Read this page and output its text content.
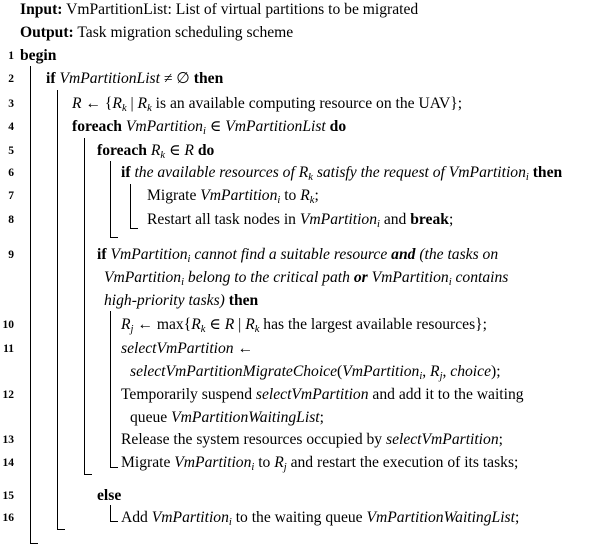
Input: VmPartitionList: List of virtual partitions to be migrated
Output: Task migration scheduling scheme
1
2
3
4
5
6
7
8
9
10
11
12
13
14
15
16
begin
if VmPartitionList ≠ ∅ then
R ← {$R_k$ | $R_k$ is an available computing resource on the UAV};
foreach VmPartition$_i$ ∈ VmPartitionList do
foreach $R_k$ ∈ R do
if the available resources of $R_k$ satisfy the request of VmPartition$_i$ then
Migrate VmPartition$_i$ to $R_k$;
Restart all task nodes in VmPartition$_i$ and break;
if VmPartition$_i$ cannot find a suitable resource and (the tasks on
VmPartition$_i$ belong to the critical path or VmPartition$_i$ contains
high-priority tasks) then
$R_j$ ← $\max\{R_k$ ∈ R | $R_k$ has the largest available resources};
selectVmPartition ←
selectVmPartitionMigrateChoice(VmPartition$_i$, $R_j$, choice);
Temporarily suspend selectVmPartition and add it to the waiting
queue VmPartitionWaitingList;
Release the system resources occupied by selectVmPartition;
Migrate VmPartition$_i$ to $R_j$ and restart the execution of its tasks;
else
Add VmPartition$_i$ to the waiting queue VmPartitionWaitingList;
